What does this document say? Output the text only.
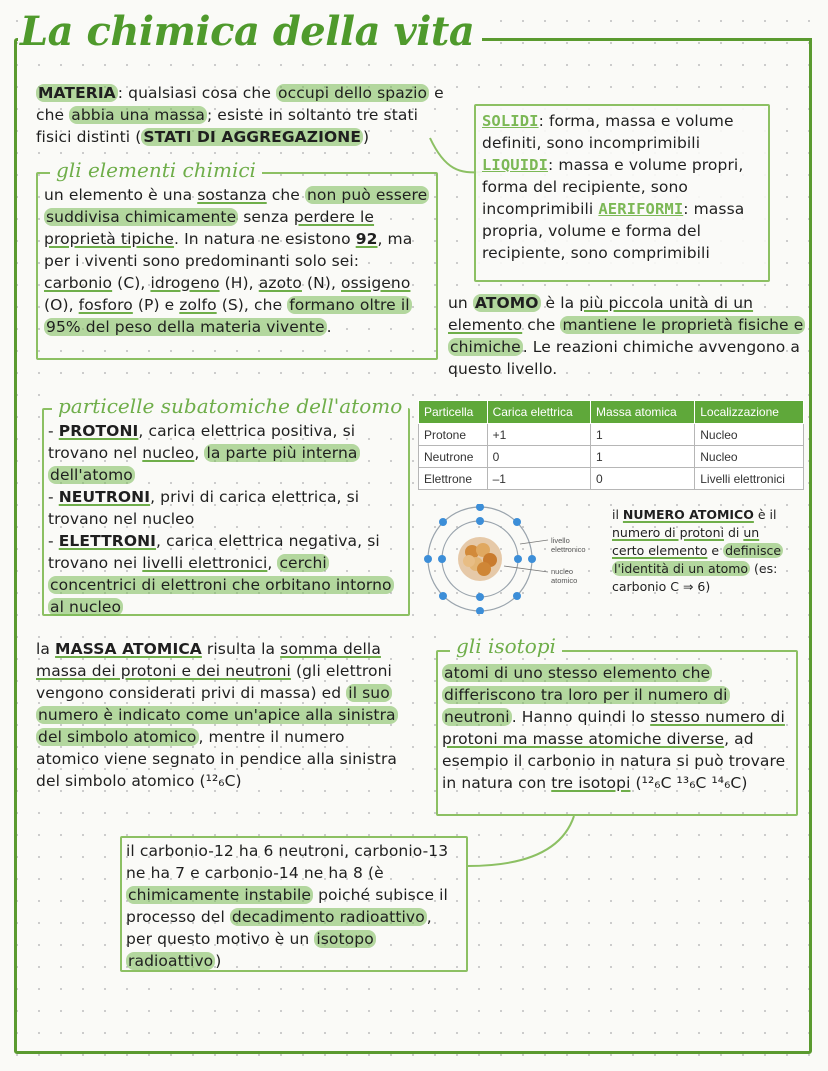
La chimica della vita
MATERIA : qualsiasi cosa che occupi dello spazio e che abbia una massa ; esiste in soltanto tre stati fisici distinti ( STATI DI AGGREGAZIONE )
SOLIDI: forma, massa e volume definiti, sono incomprimibili LIQUIDI: massa e volume propri, forma del recipiente, sono incomprimibili AERIFORMI: massa propria, volume e forma del recipiente, sono comprimibili
un elemento è una sostanza che non può essere suddivisa chimicamente senza perdere le proprietà tipiche. In natura ne esistono 92, ma per i viventi sono predominanti solo sei: carbonio (C), idrogeno (H), azoto (N), ossigeno (O), fosforo (P) e zolfo (S), che formano oltre il 95% del peso della materia vivente .
gli elementi chimici
un ATOMO è la più piccola unità di un elemento che mantiene le proprietà fisiche e chimiche . Le reazioni chimiche avvengono a questo livello.
- PROTONI, carica elettrica positiva, si trovano nel nucleo, la parte più interna dell'atomo
- NEUTRONI, privi di carica elettrica, si trovano nel nucleo
- ELETTRONI, carica elettrica negativa, si trovano nei livelli elettronici, cerchi concentrici di elettroni che orbitano intorno al nucleo
particelle subatomiche dell'atomo	Particella	Carica elettrica	Massa atomica	Localizzazione
Protone	+1	1	Nucleo
Neutrone	0	1	Nucleo
Elettrone	–1	0	Livelli elettronici
livello elettronico
nucleo atomico
il NUMERO ATOMICO è il numero di protoni di un certo elemento e definisce l'identità di un atomo (es: carbonio C ⇒ 6)
la MASSA ATOMICA risulta la somma della massa dei protoni e dei neutroni (gli elettroni vengono considerati privi di massa) ed il suo numero è indicato come un'apice alla sinistra del simbolo atomico , mentre il numero atomico viene segnato in pendice alla sinistra del simbolo atomico (¹²₆C)
atomi di uno stesso elemento che differiscono tra loro per il numero di neutroni . Hanno quindi lo stesso numero di protoni ma masse atomiche diverse, ad esempio il carbonio in natura si può trovare in natura con tre isotopi (¹²₆C ¹³₆C ¹⁴₆C)
gli isotopi
il carbonio-12 ha 6 neutroni, carbonio-13 ne ha 7 e carbonio-14 ne ha 8 (è chimicamente instabile poiché subisce il processo del decadimento radioattivo , per questo motivo è un isotopo radioattivo )
